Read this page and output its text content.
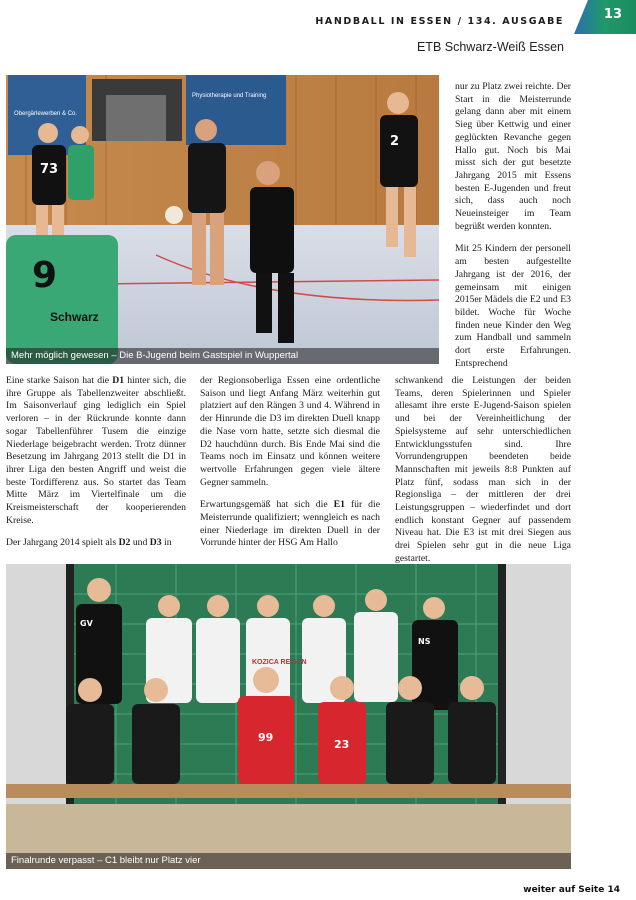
HANDBALL IN ESSEN / 134. AUSGABE
ETB Schwarz-Weiß Essen
13
Obergärlewerben & Co.
Physiotherapie und Training
73
2
9
Schwarz
Mehr möglich gewesen – Die B-Jugend beim Gastspiel in Wuppertal

nur zu Platz zwei reichte. Der Start in die Meisterrunde gelang dann aber mit einem Sieg über Kettwig und einer geglückten Revanche gegen Hallo gut. Noch bis Mai misst sich der gut besetzte Jahrgang 2015 mit Essens besten E-Jugenden und freut sich, dass auch noch Neueinsteiger im Team begrüßt werden konnten.

Mit 25 Kindern der personell am besten aufgestellte Jahrgang ist der 2016, der gemeinsam mit einigen 2015er Mädels die E2 und E3 bildet. Woche für Woche finden neue Kinder den Weg zum Handball und sammeln dort erste Erfahrungen. Entsprechend

Eine starke Saison hat die D1 hinter sich, die ihre Gruppe als Tabellenzweiter abschließt. Im Saisonverlauf ging lediglich ein Spiel verloren – in der Rückrunde konnte dann sogar Tabellenführer Tusem die einzige Niederlage beigebracht werden. Trotz dünner Besetzung im Jahrgang 2013 stellt die D1 in ihrer Liga den besten Angriff und weist die beste Tordifferenz aus. So startet das Team Mitte März im Viertelfinale um die Kreismeisterschaft der kooperierenden Kreise.

Der Jahrgang 2014 spielt als D2 und D3 in

der Regionsoberliga Essen eine ordentliche Saison und liegt Anfang März weiterhin gut platziert auf den Rängen 3 und 4. Während in der Hinrunde die D3 im direkten Duell knapp die Nase vorn hatte, setzte sich diesmal die D2 hauchdünn durch. Bis Ende Mai sind die Teams noch im Einsatz und können weitere wertvolle Erfahrungen gegen viele ältere Gegner sammeln.

Erwartungsgemäß hat sich die E1 für die Meisterrunde qualifiziert; wenngleich es nach einer Niederlage im direkten Duell in der Vorrunde hinter der HSG Am Hallo

schwankend die Leistungen der beiden Teams, deren Spielerinnen und Spieler allesamt ihre erste E-Jugend-Saison spielen und bei der Vereinheitlichung der Spielsysteme auf sehr unterschiedlichen Entwicklungsstufen sind. Ihre Vorrundengruppen beendeten beide Mannschaften mit jeweils 8:8 Punkten auf Platz fünf, sodass man sich in der Regionsliga – der mittleren der drei Leistungsgruppen – wiederfindet und dort endlich konstant Gegner auf passendem Niveau hat. Die E3 ist mit drei Siegen aus drei Spielen sehr gut in die neue Liga gestartet.

GV
KOZICA REISEN
NS
99
23
Finalrunde verpasst – C1 bleibt nur Platz vier
weiter auf Seite 14
